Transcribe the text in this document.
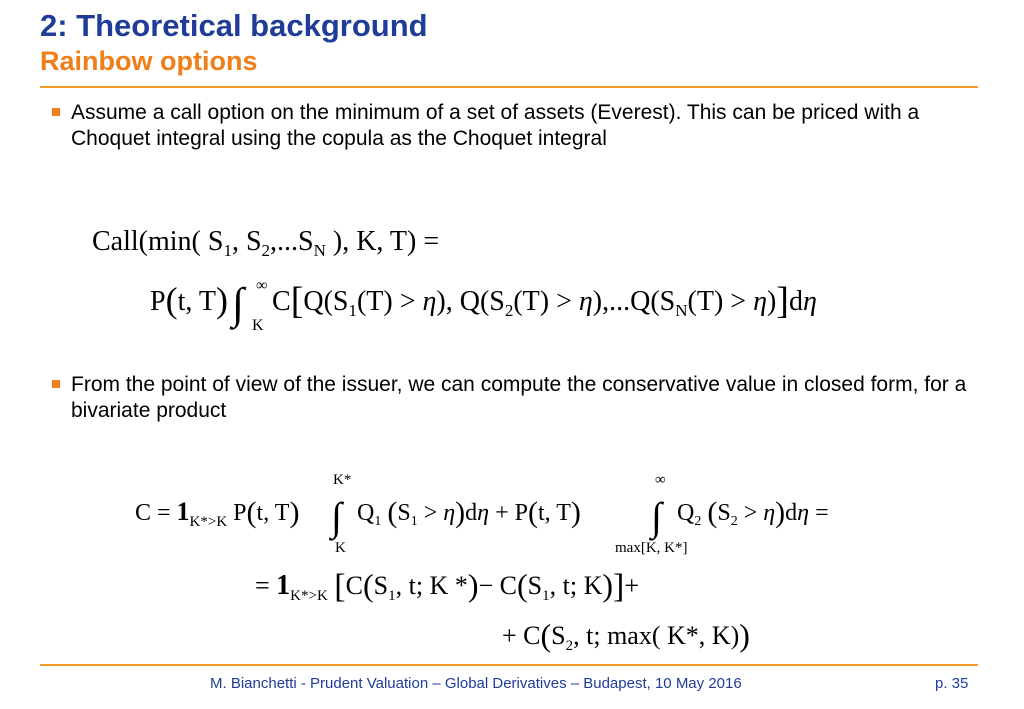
2: Theoretical background
Rainbow options
Assume a call option on the minimum of a set of assets (Everest). This can be priced with a Choquet integral using the copula as the Choquet integral
Call(min( $S_1$, $S_2,...S_N$ ), K, T) =
P(t, T) ∫ ∞
K
$C[Q(S_1(T) > \eta)$, $Q(S_2(T) > \eta),...Q(S_N(T) > \eta)]d\eta$
From the point of view of the issuer, we can compute the conservative value in closed form, for a bivariate product
$C = 1_{K*>K}$ P(t, T) ∫
K*
K
$Q_1$ $(S_1 > \eta)d\eta + P(t$, T) ∫
∞
max[K, K*]
$Q_2$ $(S_2 > \eta)d\eta$ =
= $1_{K*>K}$ [$C(S_1$, t; K *)− $C(S_1$, t; K)]+
+ $C(S_2$, t; max( K*, K))
M. Bianchetti - Prudent Valuation – Global Derivatives – Budapest, 10 May 2016	p. 35
